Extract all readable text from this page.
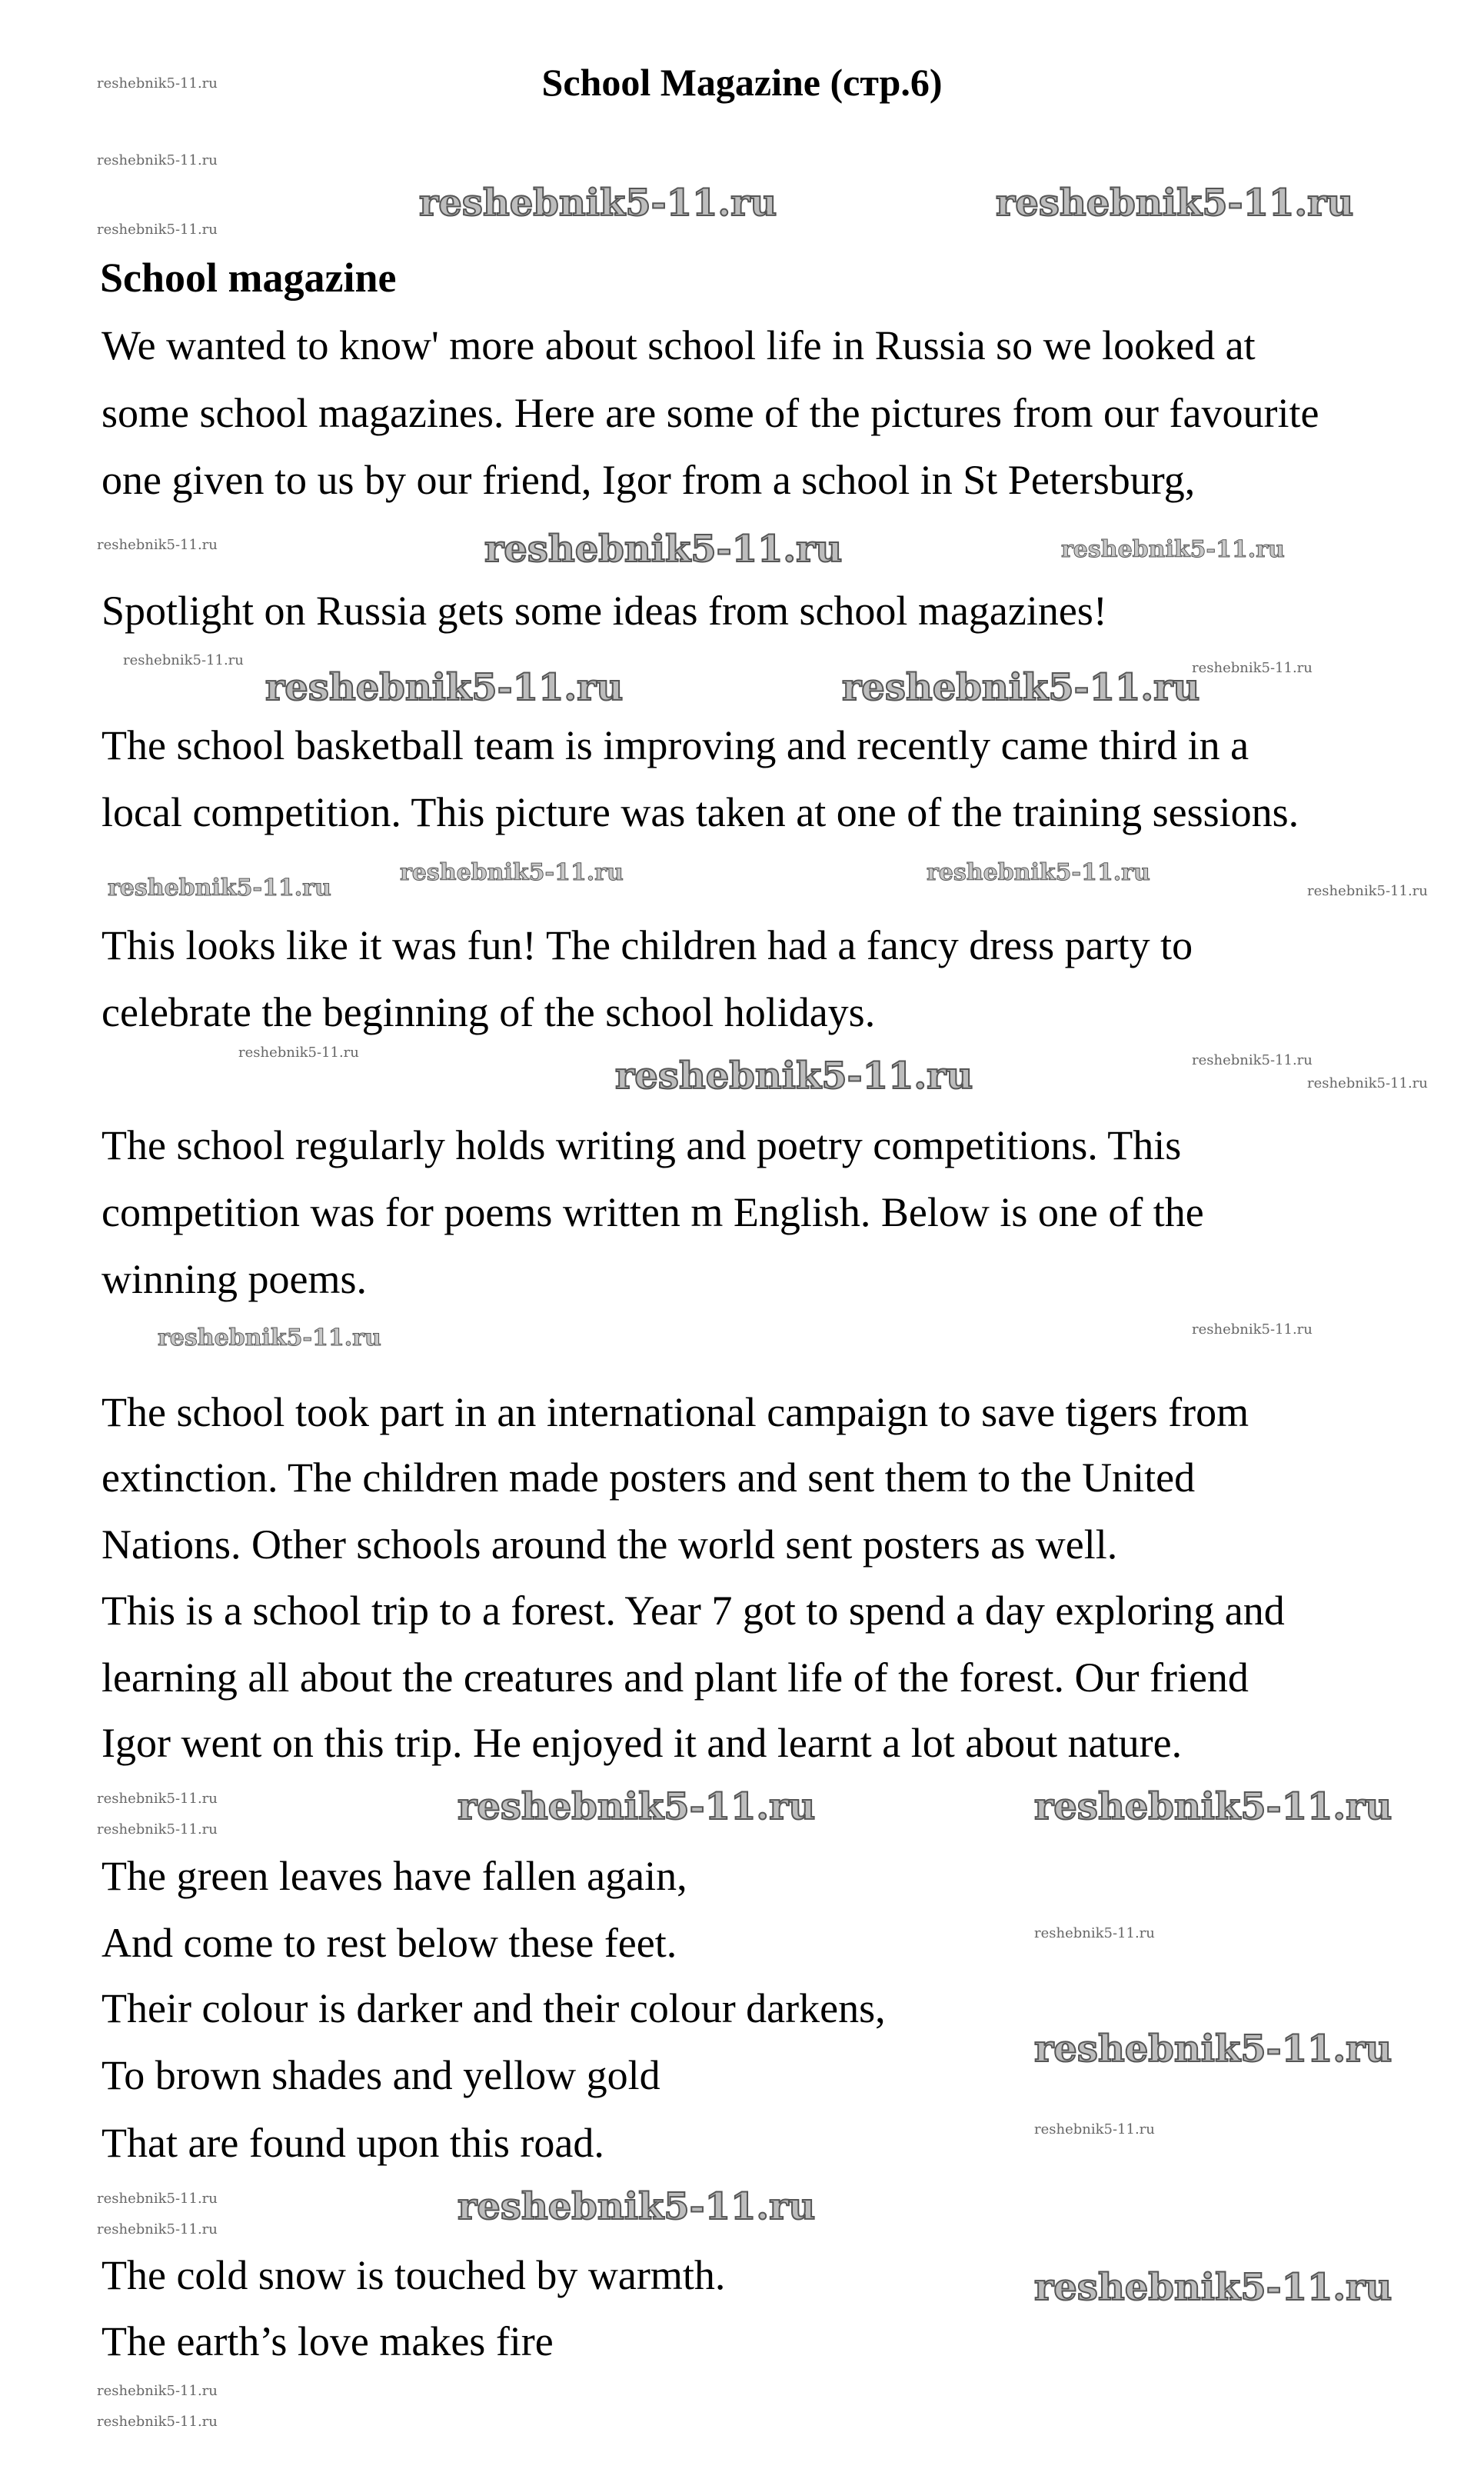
School Magazine (стр.6)
School magazine
We wanted to know' more about school life in Russia so we looked at
some school magazines. Here are some of the pictures from our favourite
one given to us by our friend, Igor from a school in St Petersburg,
Spotlight on Russia gets some ideas from school magazines!
The school basketball team is improving and recently came third in a
local competition. This picture was taken at one of the training sessions.
This looks like it was fun! The children had a fancy dress party to
celebrate the beginning of the school holidays.
The school regularly holds writing and poetry competitions. This
competition was for poems written m English. Below is one of the
winning poems.
The school took part in an international campaign to save tigers from
extinction. The children made posters and sent them to the United
Nations. Other schools around the world sent posters as well.
This is a school trip to a forest. Year 7 got to spend a day exploring and
learning all about the creatures and plant life of the forest. Our friend
Igor went on this trip. He enjoyed it and learnt a lot about nature.
The green leaves have fallen again,
And come to rest below these feet.
Their colour is darker and their colour darkens,
To brown shades and yellow gold
That are found upon this road.
The cold snow is touched by warmth.
The earth’s love makes fire
reshebnik5-11.ru	reshebnik5-11.ru
reshebnik5-11.ru
reshebnik5-11.ru	reshebnik5-11.ru
reshebnik5-11.ru
reshebnik5-11.ru	reshebnik5-11.ru
reshebnik5-11.ru
reshebnik5-11.ru
reshebnik5-11.ru
reshebnik5-11.ru
reshebnik5-11.ru
reshebnik5-11.ru	reshebnik5-11.ru
reshebnik5-11.ru
reshebnik5-11.ru
reshebnik5-11.ru
reshebnik5-11.ru
reshebnik5-11.ru
reshebnik5-11.ru
reshebnik5-11.ru
reshebnik5-11.ru	reshebnik5-11.ru
reshebnik5-11.ru
reshebnik5-11.ru
reshebnik5-11.ru
reshebnik5-11.ru
reshebnik5-11.ru
reshebnik5-11.ru
reshebnik5-11.ru
reshebnik5-11.ru
reshebnik5-11.ru
reshebnik5-11.ru
reshebnik5-11.ru
